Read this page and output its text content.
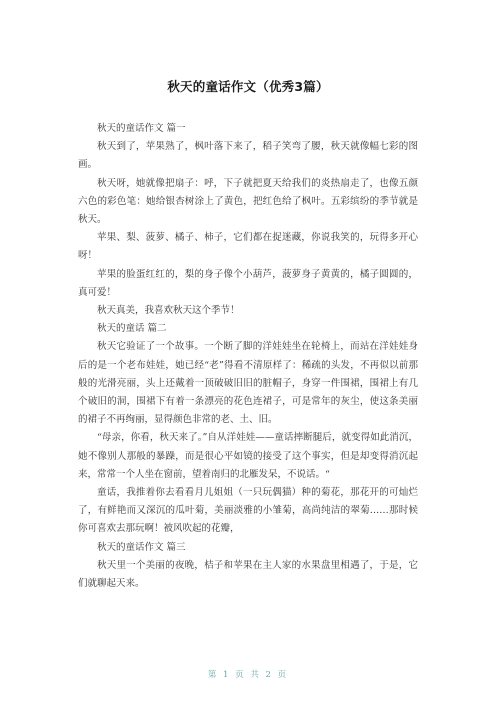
秋天的童话作文（优秀3篇）

秋天的童话作文 篇一

秋天到了，苹果熟了，枫叶落下来了，稻子笑弯了腰，秋天就像幅七彩的图画。

秋天呀，她就像把扇子：呼，下子就把夏天给我们的炎热扇走了，也像五颜六色的彩色笔：她给银杏树涂上了黄色，把红色给了枫叶。五彩缤纷的季节就是秋天。

苹果、梨、菠萝、橘子、柿子，它们都在捉迷藏，你说我笑的，玩得多开心呀！

苹果的脸蛋红红的，梨的身子像个小葫芦，菠萝身子黄黄的，橘子圆圆的，真可爱！

秋天真美，我喜欢秋天这个季节！

秋天的童话 篇二

秋天它验证了一个故事。一个断了脚的洋娃娃坐在轮椅上，而站在洋娃娃身后的是一个老布娃娃，她已经“老”得看不清原样了：稀疏的头发，不再似以前那般的光滑亮丽，头上还戴着一顶破破旧旧的脏帽子，身穿一件围裙，围裙上有几个破旧的洞，围裙下有着一条漂亮的花色连裙子，可是常年的灰尘，使这条美丽的裙子不再绚丽，显得颜色非常的老、土、旧。

“母亲，你看，秋天来了。”自从洋娃娃——童话摔断腿后，就变得如此消沉，她不像别人那般的暴躁，而是很心平如镜的接受了这个事实，但是却变得消沉起来，常常一个人坐在窗前，望着南归的北雁发呆，不说话。“

童话，我推着你去看看月儿姐姐（一只玩偶猫）种的菊花，那花开的可灿烂了，有鲜艳而又深沉的瓜叶菊，美丽淡雅的小雏菊，高尚纯洁的翠菊……那时候你可喜欢去那玩啊！被风吹起的花瓣，

秋天的童话作文 篇三

秋天里一个美丽的夜晚，桔子和苹果在主人家的水果盘里相遇了，于是，它们就聊起天来。

第 1 页 共 2 页
